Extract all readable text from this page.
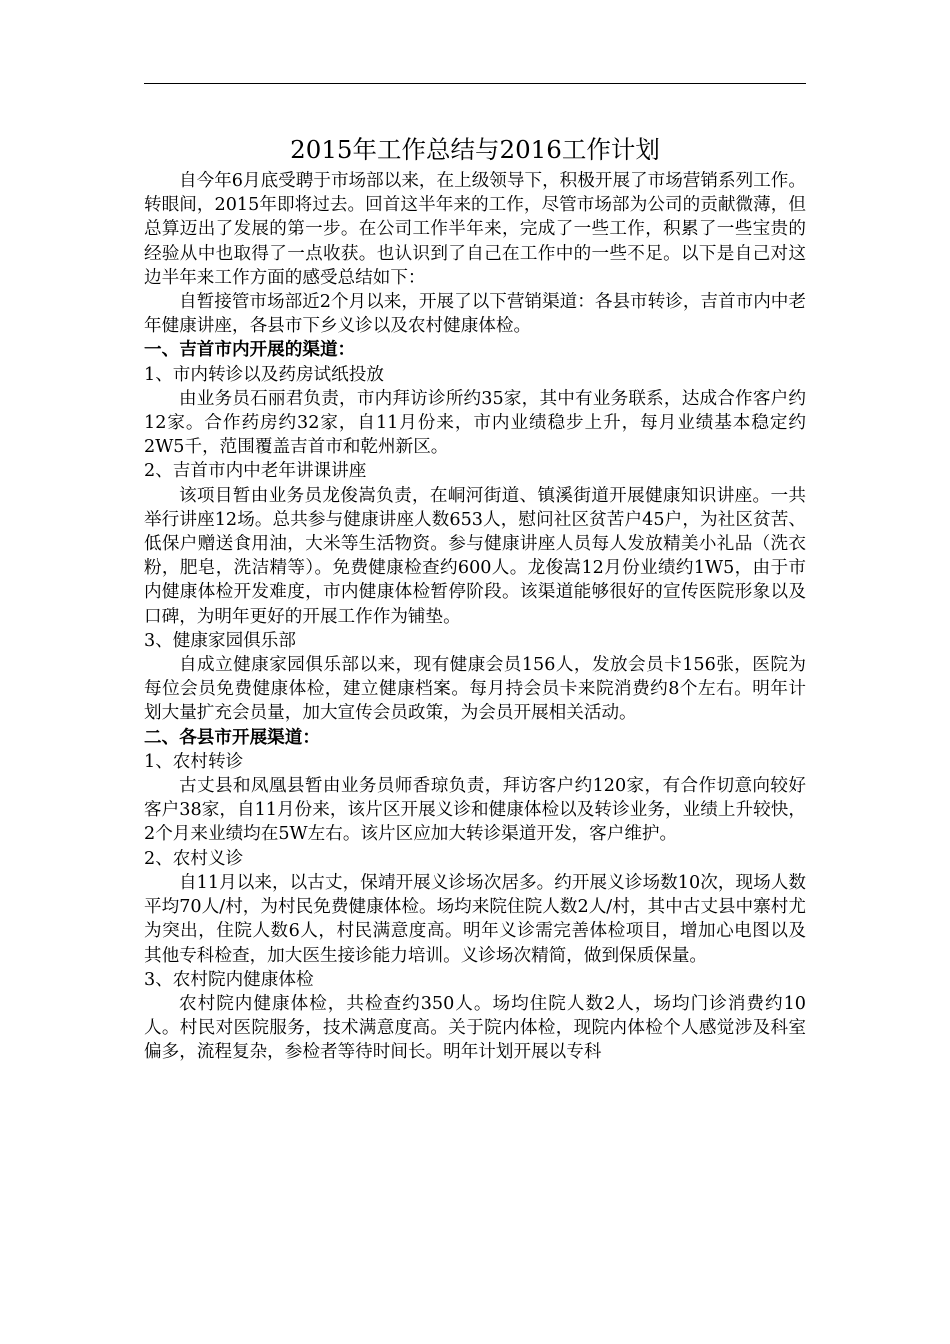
2015年工作总结与2016工作计划

自今年6月底受聘于市场部以来，在上级领导下，积极开展了市场营销系列工作。转眼间，2015年即将过去。回首这半年来的工作，尽管市场部为公司的贡献微薄，但总算迈出了发展的第一步。在公司工作半年来，完成了一些工作，积累了一些宝贵的经验从中也取得了一点收获。也认识到了自己在工作中的一些不足。以下是自己对这边半年来工作方面的感受总结如下：

自暂接管市场部近2个月以来，开展了以下营销渠道：各县市转诊，吉首市内中老年健康讲座，各县市下乡义诊以及农村健康体检。

一、吉首市内开展的渠道：
1、市内转诊以及药房试纸投放

由业务员石丽君负责，市内拜访诊所约35家，其中有业务联系，达成合作客户约12家。合作药房约32家，自11月份来，市内业绩稳步上升，每月业绩基本稳定约2W5千，范围覆盖吉首市和乾州新区。

2、吉首市内中老年讲课讲座

该项目暂由业务员龙俊嵩负责，在峒河街道、镇溪街道开展健康知识讲座。一共举行讲座12场。总共参与健康讲座人数653人，慰问社区贫苦户45户，为社区贫苦、低保户赠送食用油，大米等生活物资。参与健康讲座人员每人发放精美小礼品（洗衣粉，肥皂，洗洁精等）。免费健康检查约600人。龙俊嵩12月份业绩约1W5，由于市内健康体检开发难度，市内健康体检暂停阶段。该渠道能够很好的宣传医院形象以及口碑，为明年更好的开展工作作为铺垫。

3、健康家园俱乐部

自成立健康家园俱乐部以来，现有健康会员156人，发放会员卡156张，医院为每位会员免费健康体检，建立健康档案。每月持会员卡来院消费约8个左右。明年计划大量扩充会员量，加大宣传会员政策，为会员开展相关活动。

二、各县市开展渠道：
1、农村转诊

古丈县和凤凰县暂由业务员师香琼负责，拜访客户约120家，有合作切意向较好客户38家，自11月份来，该片区开展义诊和健康体检以及转诊业务，业绩上升较快，2个月来业绩均在5W左右。该片区应加大转诊渠道开发，客户维护。

2、农村义诊

自11月以来，以古丈，保靖开展义诊场次居多。约开展义诊场数10次，现场人数平均70人/村，为村民免费健康体检。场均来院住院人数2人/村，其中古丈县中寨村尤为突出，住院人数6人，村民满意度高。明年义诊需完善体检项目，增加心电图以及其他专科检查，加大医生接诊能力培训。义诊场次精简，做到保质保量。

3、农村院内健康体检

农村院内健康体检，共检查约350人。场均住院人数2人，场均门诊消费约10人。村民对医院服务，技术满意度高。关于院内体检，现院内体检个人感觉涉及科室偏多，流程复杂，参检者等待时间长。明年计划开展以专科
